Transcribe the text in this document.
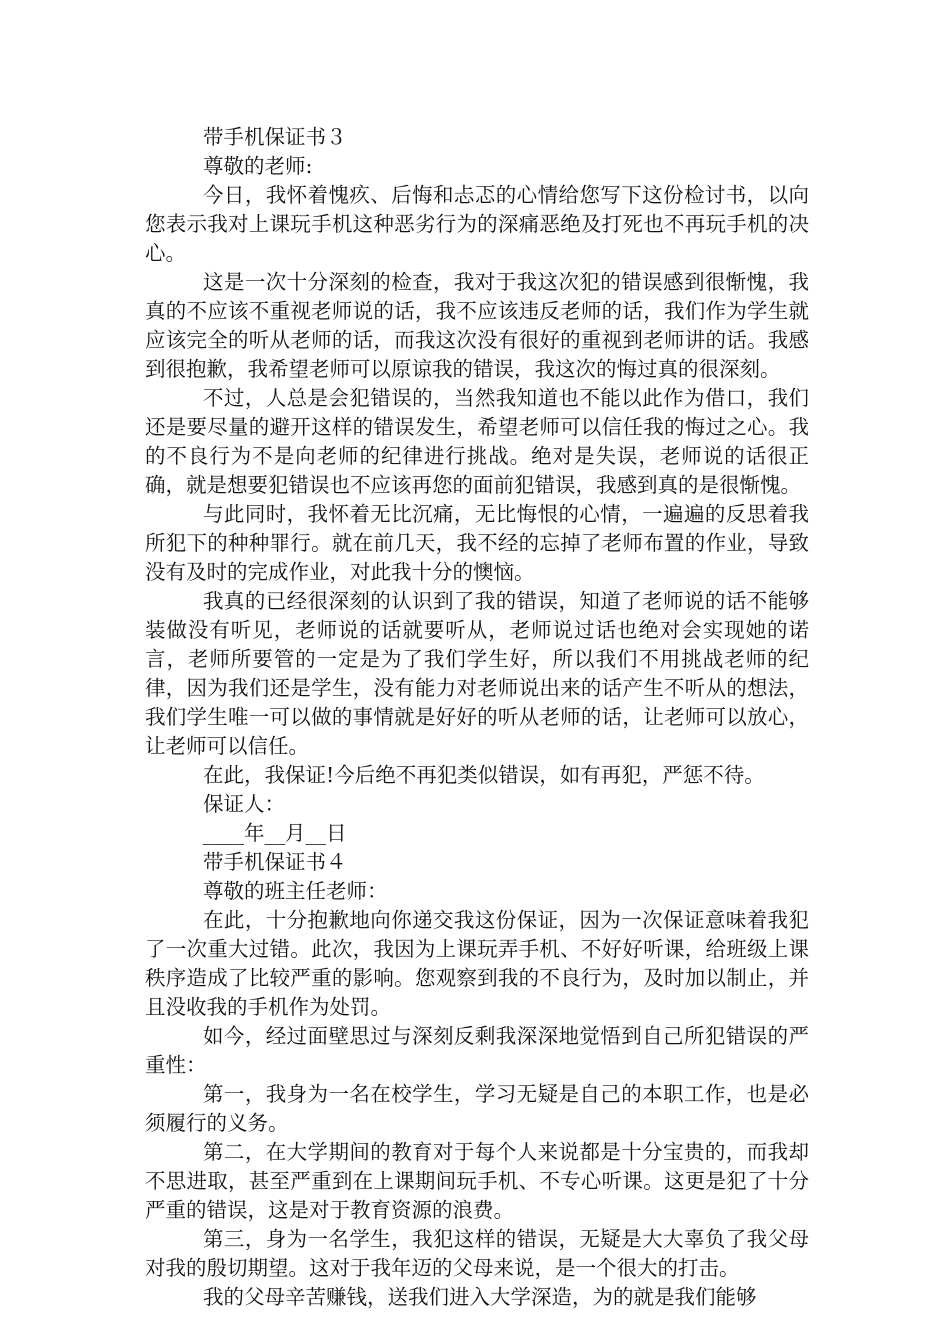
带手机保证书３

尊敬的老师:

今日，我怀着愧疚、后悔和忐忑的心情给您写下这份检讨书，以向您表示我对上课玩手机这种恶劣行为的深痛恶绝及打死也不再玩手机的决心。

这是一次十分深刻的检查，我对于我这次犯的错误感到很惭愧，我真的不应该不重视老师说的话，我不应该违反老师的话，我们作为学生就应该完全的听从老师的话，而我这次没有很好的重视到老师讲的话。我感到很抱歉，我希望老师可以原谅我的错误，我这次的悔过真的很深刻。

不过，人总是会犯错误的，当然我知道也不能以此作为借口，我们还是要尽量的避开这样的错误发生，希望老师可以信任我的悔过之心。我的不良行为不是向老师的纪律进行挑战。绝对是失误，老师说的话很正确，就是想要犯错误也不应该再您的面前犯错误，我感到真的是很惭愧。

与此同时，我怀着无比沉痛，无比悔恨的心情，一遍遍的反思着我所犯下的种种罪行。就在前几天，我不经的忘掉了老师布置的作业，导致没有及时的完成作业，对此我十分的懊恼。

我真的已经很深刻的认识到了我的错误，知道了老师说的话不能够装做没有听见，老师说的话就要听从，老师说过话也绝对会实现她的诺言，老师所要管的一定是为了我们学生好，所以我们不用挑战老师的纪律，因为我们还是学生，没有能力对老师说出来的话产生不听从的想法，我们学生唯一可以做的事情就是好好的听从老师的话，让老师可以放心，让老师可以信任。

在此，我保证!今后绝不再犯类似错误，如有再犯，严惩不待。

保证人：

____年__月__日

带手机保证书４

尊敬的班主任老师：

在此，十分抱歉地向你递交我这份保证，因为一次保证意味着我犯了一次重大过错。此次，我因为上课玩弄手机、不好好听课，给班级上课秩序造成了比较严重的影响。您观察到我的不良行为，及时加以制止，并且没收我的手机作为处罚。

如今，经过面壁思过与深刻反剩我深深地觉悟到自己所犯错误的严重性：

第一，我身为一名在校学生，学习无疑是自己的本职工作，也是必须履行的义务。

第二，在大学期间的教育对于每个人来说都是十分宝贵的，而我却不思进取，甚至严重到在上课期间玩手机、不专心听课。这更是犯了十分严重的错误，这是对于教育资源的浪费。

第三，身为一名学生，我犯这样的错误，无疑是大大辜负了我父母对我的殷切期望。这对于我年迈的父母来说，是一个很大的打击。

我的父母辛苦赚钱，送我们进入大学深造，为的就是我们能够
